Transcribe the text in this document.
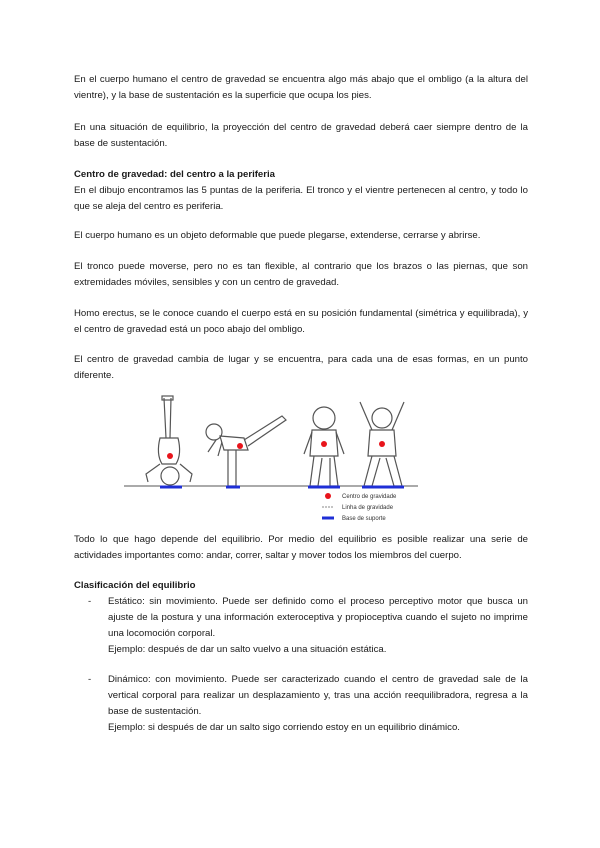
En el cuerpo humano el centro de gravedad se encuentra algo más abajo que el ombligo (a la altura del vientre), y la base de sustentación es la superficie que ocupa los pies.

En una situación de equilibrio, la proyección del centro de gravedad deberá caer siempre dentro de la base de sustentación.

Centro de gravedad: del centro a la periferia

En el dibujo encontramos las 5 puntas de la periferia. El tronco y el vientre pertenecen al centro, y todo lo que se aleja del centro es periferia.

El cuerpo humano es un objeto deformable que puede plegarse, extenderse, cerrarse y abrirse.

El tronco puede moverse, pero no es tan flexible, al contrario que los brazos o las piernas, que son extremidades móviles, sensibles y con un centro de gravedad.

Homo erectus, se le conoce cuando el cuerpo está en su posición fundamental (simétrica y equilibrada), y el centro de gravedad está un poco abajo del ombligo.

El centro de gravedad cambia de lugar y se encuentra, para cada una de esas formas, en un punto diferente.

Centro de gravidade
Linha de gravidade
Base de suporte

Todo lo que hago depende del equilibrio. Por medio del equilibrio es posible realizar una serie de actividades importantes como: andar, correr, saltar y mover todos los miembros del cuerpo.

Clasificación del equilibrio

-	Estático: sin movimiento. Puede ser definido como el proceso perceptivo motor que busca un ajuste de la postura y una información exteroceptiva y propioceptiva cuando el sujeto no imprime una locomoción corporal.
Ejemplo: después de dar un salto vuelvo a una situación estática.
-	Dinámico: con movimiento. Puede ser caracterizado cuando el centro de gravedad sale de la vertical corporal para realizar un desplazamiento y, tras una acción reequilibradora, regresa a la base de sustentación.
Ejemplo: si después de dar un salto sigo corriendo estoy en un equilibrio dinámico.
